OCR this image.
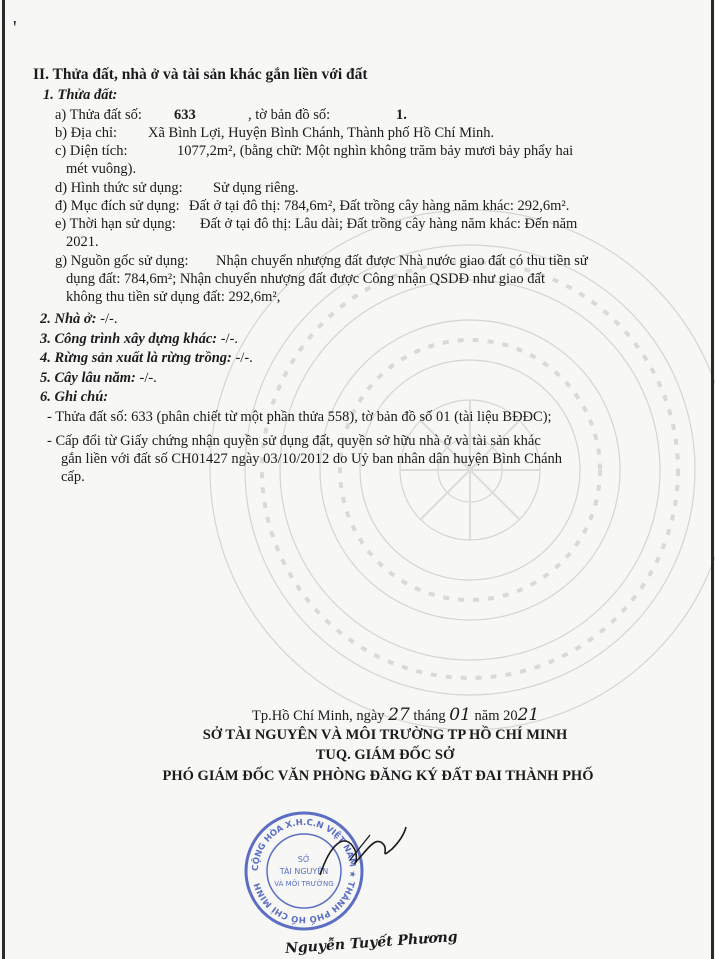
'
II. Thửa đất, nhà ở và tài sản khác gắn liền với đất
1. Thửa đất:
a) Thửa đất số: 633	, tờ bản đồ số:	1.
b) Địa chỉ: Xã Bình Lợi, Huyện Bình Chánh, Thành phố Hồ Chí Minh.
c) Diện tích:	1077,2m², (bằng chữ: Một nghìn không trăm bảy mươi bảy phẩy hai
mét vuông).
d) Hình thức sử dụng: Sử dụng riêng.
đ) Mục đích sử dụng: Đất ở tại đô thị: 784,6m², Đất trồng cây hàng năm khác: 292,6m².
e) Thời hạn sử dụng: Đất ở tại đô thị: Lâu dài; Đất trồng cây hàng năm khác: Đến năm
2021.
g) Nguồn gốc sử dụng: Nhận chuyển nhượng đất được Nhà nước giao đất có thu tiền sử
dụng đất: 784,6m²; Nhận chuyển nhượng đất được Công nhận QSDĐ như giao đất
không thu tiền sử dụng đất: 292,6m²,
2. Nhà ở: -/-.
3. Công trình xây dựng khác: -/-.
4. Rừng sản xuất là rừng trồng: -/-.
5. Cây lâu năm: -/-.
6. Ghi chú:
- Thửa đất số: 633 (phân chiết từ một phần thửa 558), tờ bản đồ số 01 (tài liệu BĐĐC);
- Cấp đổi từ Giấy chứng nhận quyền sử dụng đất, quyền sở hữu nhà ở và tài sản khác
gắn liền với đất số CH01427 ngày 03/10/2012 do Uỷ ban nhân dân huyện Bình Chánh
cấp.
Tp.Hồ Chí Minh, ngày 27 tháng 01 năm 2021
SỞ TÀI NGUYÊN VÀ MÔI TRƯỜNG TP HỒ CHÍ MINH
TUQ. GIÁM ĐỐC SỞ
PHÓ GIÁM ĐỐC VĂN PHÒNG ĐĂNG KÝ ĐẤT ĐAI THÀNH PHỐ
CỘNG HÒA X.H.C.N VIỆT NAM ★ THÀNH PHỐ HỒ CHÍ MINH
SỞ
TÀI NGUYÊN
VÀ MÔI TRƯỜNG
Nguyễn Tuyết Phương
